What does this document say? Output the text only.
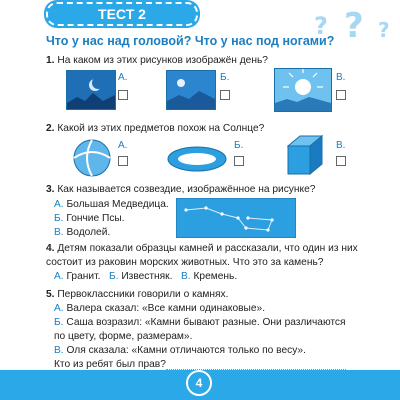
ТЕСТ 2	? ? ?
Что у нас над головой? Что у нас под ногами?
1. На каком из этих рисунков изображён день?
А.	Б.	В.
2. Какой из этих предметов похож на Солнце?
А.	Б.	В.
3. Как называется созвездие, изображённое на рисунке?
А. Большая Медведица.
Б. Гончие Псы.
В. Водолей.
4. Детям показали образцы камней и рассказали, что один из них
состоит из раковин морских животных. Что это за камень?
А. Гранит. Б. Известняк. В. Кремень.
5. Первоклассники говорили о камнях.
А. Валера сказал: «Все камни одинаковые».
Б. Саша возразил: «Камни бывают разные. Они различаются
по цвету, форме, размерам».
В. Оля сказала: «Камни отличаются только по весу».
Кто из ребят был прав?
4
